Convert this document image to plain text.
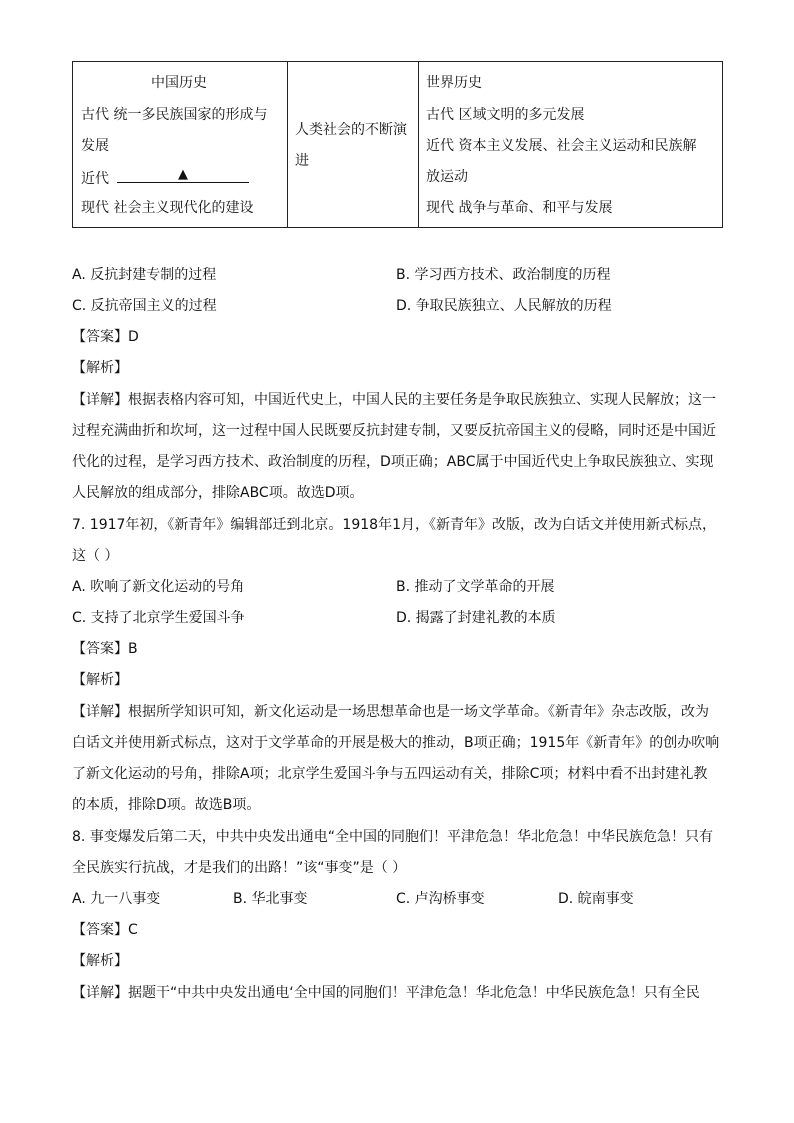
中国历史
古代 统一多民族国家的形成与
发展
近代	▲
现代 社会主义现代化的建设

人类社会的不断演
进

世界历史
古代 区域文明的多元发展
近代 资本主义发展、社会主义运动和民族解
放运动
现代 战争与革命、和平与发展
A. 反抗封建专制的过程	B. 学习西方技术、政治制度的历程
C. 反抗帝国主义的过程	D. 争取民族独立、人民解放的历程
【答案】D
【解析】
【详解】根据表格内容可知，中国近代史上，中国人民的主要任务是争取民族独立、实现人民解放；这一
过程充满曲折和坎坷，这一过程中国人民既要反抗封建专制，又要反抗帝国主义的侵略，同时还是中国近
代化的过程，是学习西方技术、政治制度的历程，D项正确；ABC属于中国近代史上争取民族独立、实现
人民解放的组成部分，排除ABC项。故选D项。
7. 1917年初，《新青年》编辑部迁到北京。1918年1月，《新青年》改版，改为白话文并使用新式标点，
这（ ）
A. 吹响了新文化运动的号角	B. 推动了文学革命的开展
C. 支持了北京学生爱国斗争	D. 揭露了封建礼教的本质
【答案】B
【解析】
【详解】根据所学知识可知，新文化运动是一场思想革命也是一场文学革命。《新青年》杂志改版，改为
白话文并使用新式标点，这对于文学革命的开展是极大的推动，B项正确；1915年《新青年》的创办吹响
了新文化运动的号角，排除A项；北京学生爱国斗争与五四运动有关，排除C项；材料中看不出封建礼教
的本质，排除D项。故选B项。
8. 事变爆发后第二天，中共中央发出通电“全中国的同胞们！平津危急！华北危急！中华民族危急！只有
全民族实行抗战，才是我们的出路！”该“事变”是（ ）
A. 九一八事变	B. 华北事变	C. 卢沟桥事变	D. 皖南事变
【答案】C
【解析】
【详解】据题干“中共中央发出通电‘全中国的同胞们！平津危急！华北危急！中华民族危急！只有全民
